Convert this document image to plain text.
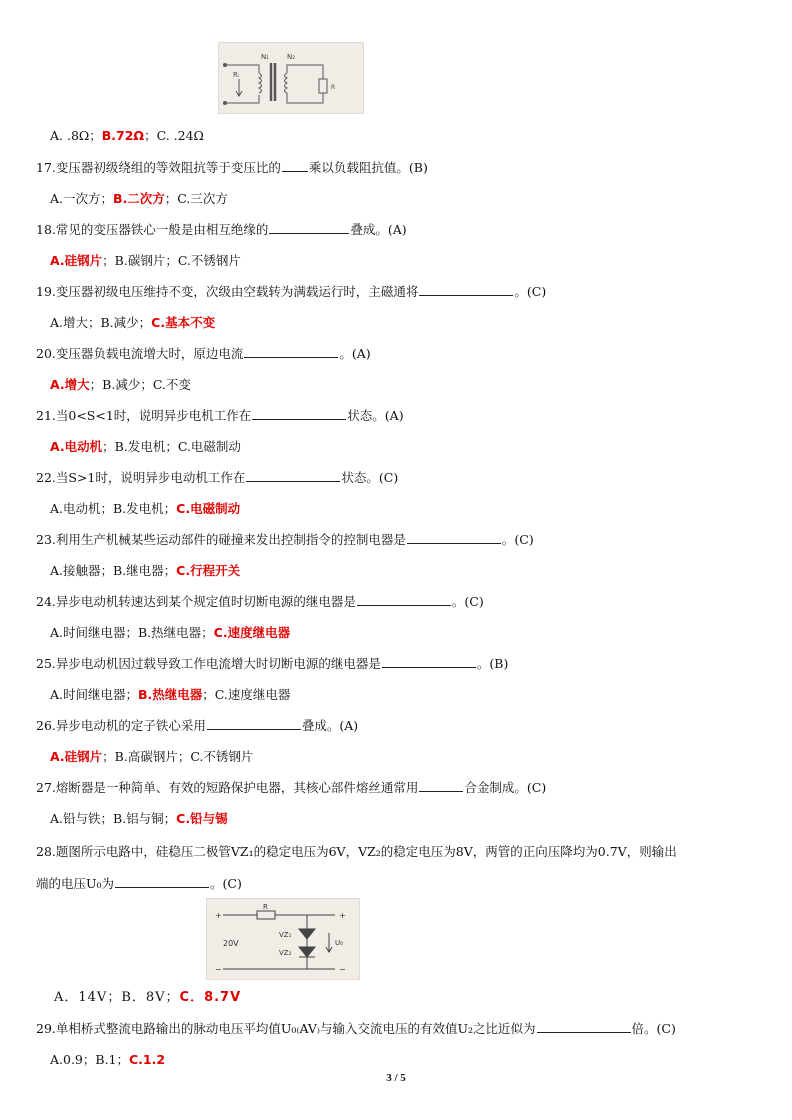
N₁	N₂
Rᵢ
R
A. .8Ω；B.72Ω；C. .24Ω
17.变压器初级绕组的等效阻抗等于变压比的 乘以负载阻抗值。(B)
A.一次方；B.二次方；C.三次方
18.常见的变压器铁心一般是由相互绝缘的	叠成。(A)
A.硅钢片；B.碳钢片；C.不锈钢片
19.变压器初级电压维持不变，次级由空载转为满载运行时，主磁通将	。(C)
A.增大；B.减少；C.基本不变
20.变压器负载电流增大时，原边电流	。(A)
A.增大；B.减少；C.不变
21.当0<S<1时，说明异步电机工作在	状态。(A)
A.电动机；B.发电机；C.电磁制动
22.当S>1时，说明异步电动机工作在	状态。(C)
A.电动机；B.发电机；C.电磁制动
23.利用生产机械某些运动部件的碰撞来发出控制指令的控制电器是	。(C)
A.接触器；B.继电器；C.行程开关
24.异步电动机转速达到某个规定值时切断电源的继电器是	。(C)
A.时间继电器；B.热继电器；C.速度继电器
25.异步电动机因过载导致工作电流增大时切断电源的继电器是	。(B)
A.时间继电器；B.热继电器；C.速度继电器
26.异步电动机的定子铁心采用	叠成。(A)
A.硅钢片；B.高碳钢片；C.不锈钢片
27.熔断器是一种简单、有效的短路保护电器，其核心部件熔丝通常用	合金制成。(C)
A.铅与铁；B.铝与铜；C.铅与锡
28.题图所示电路中，硅稳压二极管VZ₁的稳定电压为6V，VZ₂的稳定电压为8V，两管的正向压降均为0.7V，则输出
端的电压U₀为	。(C)
+
−
R
20V
VZ₁
VZ₂
U₀
+
−
A．14V；B．8V；C．8.7V
29.单相桥式整流电路输出的脉动电压平均值U₀₍AV₎与输入交流电压的有效值U₂之比近似为	倍。(C)
A.0.9；B.1；C.1.2
3 / 5
